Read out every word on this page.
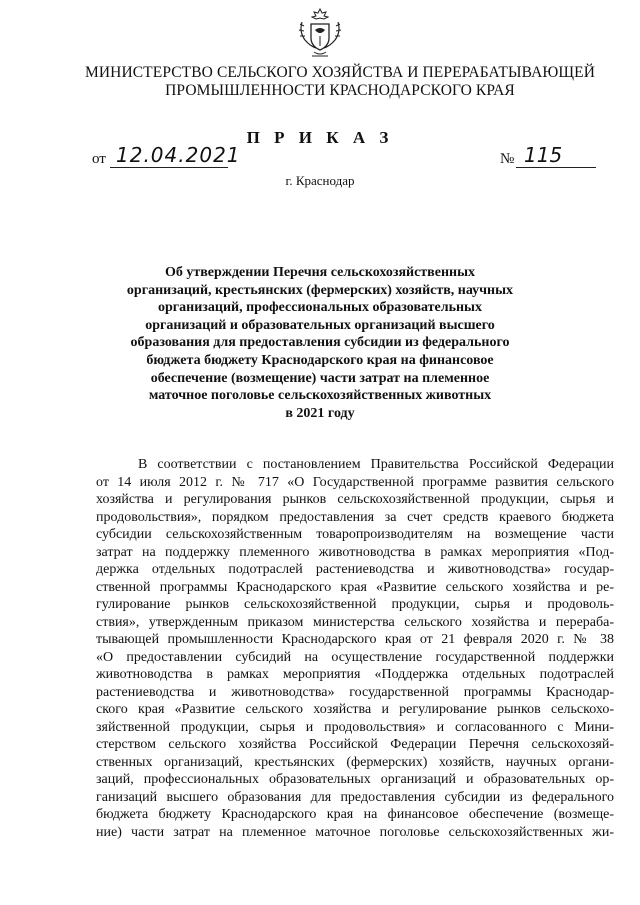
МИНИСТЕРСТВО СЕЛЬСКОГО ХОЗЯЙСТВА И ПЕРЕРАБАТЫВАЮЩЕЙ
ПРОМЫШЛЕННОСТИ КРАСНОДАРСКОГО КРАЯ
П Р И К А З
от 12.04.2021	№ 115
г. Краснодар
Об утверждении Перечня сельскохозяйственных
организаций, крестьянских (фермерских) хозяйств, научных
организаций, профессиональных образовательных
организаций и образовательных организаций высшего
образования для предоставления субсидии из федерального
бюджета бюджету Краснодарского края на финансовое
обеспечение (возмещение) части затрат на племенное
маточное поголовье сельскохозяйственных животных
в 2021 году
В соответствии с постановлением Правительства Российской Федерации
от 14 июля 2012 г. № 717 «О Государственной программе развития сельского
хозяйства и регулирования рынков сельскохозяйственной продукции, сырья и
продовольствия», порядком предоставления за счет средств краевого бюджета
субсидии сельскохозяйственным товаропроизводителям на возмещение части
затрат на поддержку племенного животноводства в рамках мероприятия «Под-
держка отдельных подотраслей растениеводства и животноводства» государ-
ственной программы Краснодарского края «Развитие сельского хозяйства и ре-
гулирование рынков сельскохозяйственной продукции, сырья и продоволь-
ствия», утвержденным приказом министерства сельского хозяйства и перераба-
тывающей промышленности Краснодарского края от 21 февраля 2020 г. № 38
«О предоставлении субсидий на осуществление государственной поддержки
животноводства в рамках мероприятия «Поддержка отдельных подотраслей
растениеводства и животноводства» государственной программы Краснодар-
ского края «Развитие сельского хозяйства и регулирование рынков сельскохо-
зяйственной продукции, сырья и продовольствия» и согласованного с Мини-
стерством сельского хозяйства Российской Федерации Перечня сельскохозяй-
ственных организаций, крестьянских (фермерских) хозяйств, научных органи-
заций, профессиональных образовательных организаций и образовательных ор-
ганизаций высшего образования для предоставления субсидии из федерального
бюджета бюджету Краснодарского края на финансовое обеспечение (возмеще-
ние) части затрат на племенное маточное поголовье сельскохозяйственных жи-
